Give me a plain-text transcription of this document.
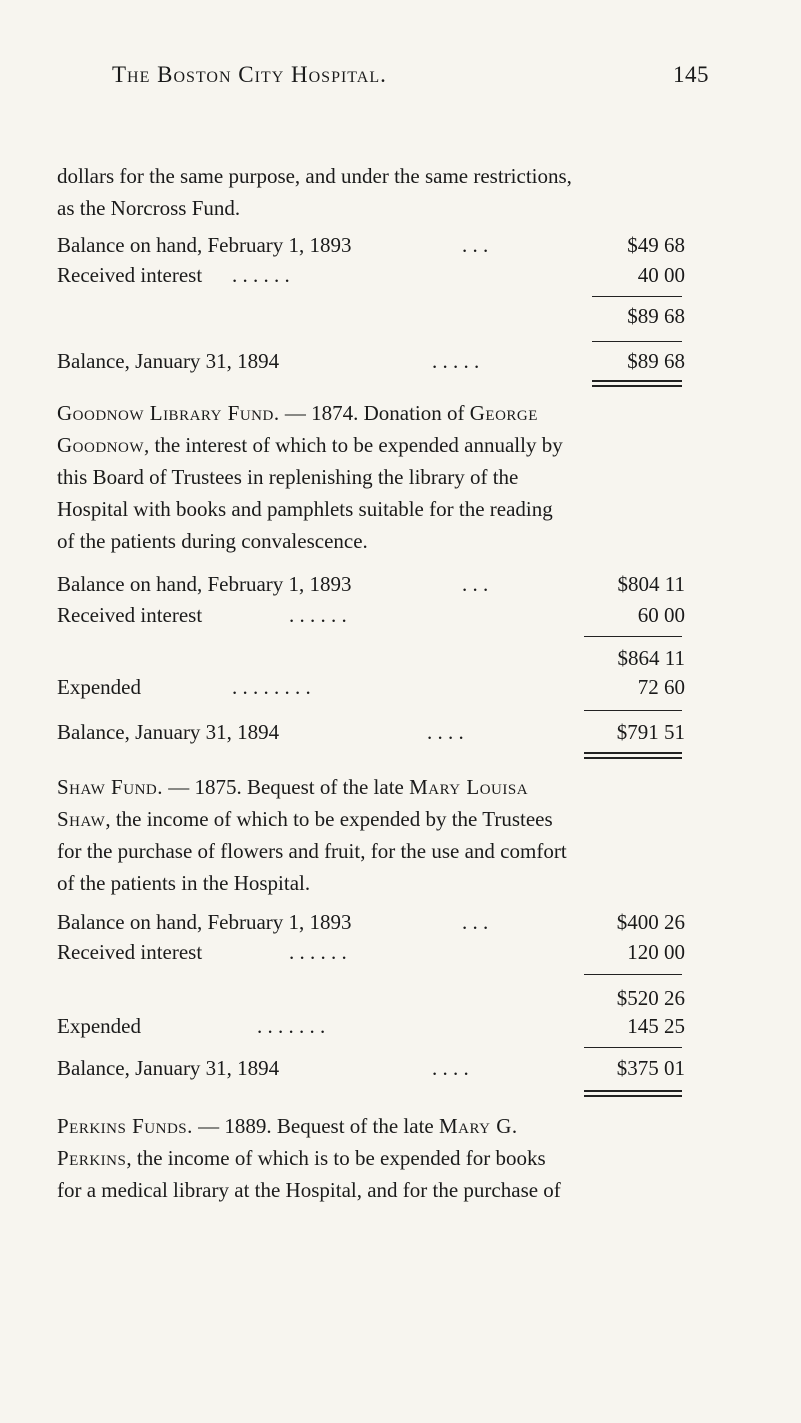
The Boston City Hospital.	145

dollars for the same purpose, and under the same restrictions,

as the Norcross Fund.

Balance on hand, February 1, 1893	. . .	$49 68
Received interest . . . . . .	40 00
$89 68
Balance, January 31, 1894	. . . . .	$89 68

Goodnow Library Fund. — 1874. Donation of George

Goodnow, the interest of which to be expended annually by

this Board of Trustees in replenishing the library of the

Hospital with books and pamphlets suitable for the reading

of the patients during convalescence.

Balance on hand, February 1, 1893	. . .	$804 11
Received interest	. . . . . .	60 00
$864 11
Expended	. . . . . . . .	72 60
Balance, January 31, 1894	. . . .	$791 51

Shaw Fund. — 1875. Bequest of the late Mary Louisa

Shaw, the income of which to be expended by the Trustees

for the purchase of flowers and fruit, for the use and comfort

of the patients in the Hospital.

Balance on hand, February 1, 1893	. . .	$400 26
Received interest	. . . . . .	120 00
$520 26
Expended	. . . . . . .	145 25
Balance, January 31, 1894	. . . .	$375 01

Perkins Funds. — 1889. Bequest of the late Mary G.

Perkins, the income of which is to be expended for books

for a medical library at the Hospital, and for the purchase of
